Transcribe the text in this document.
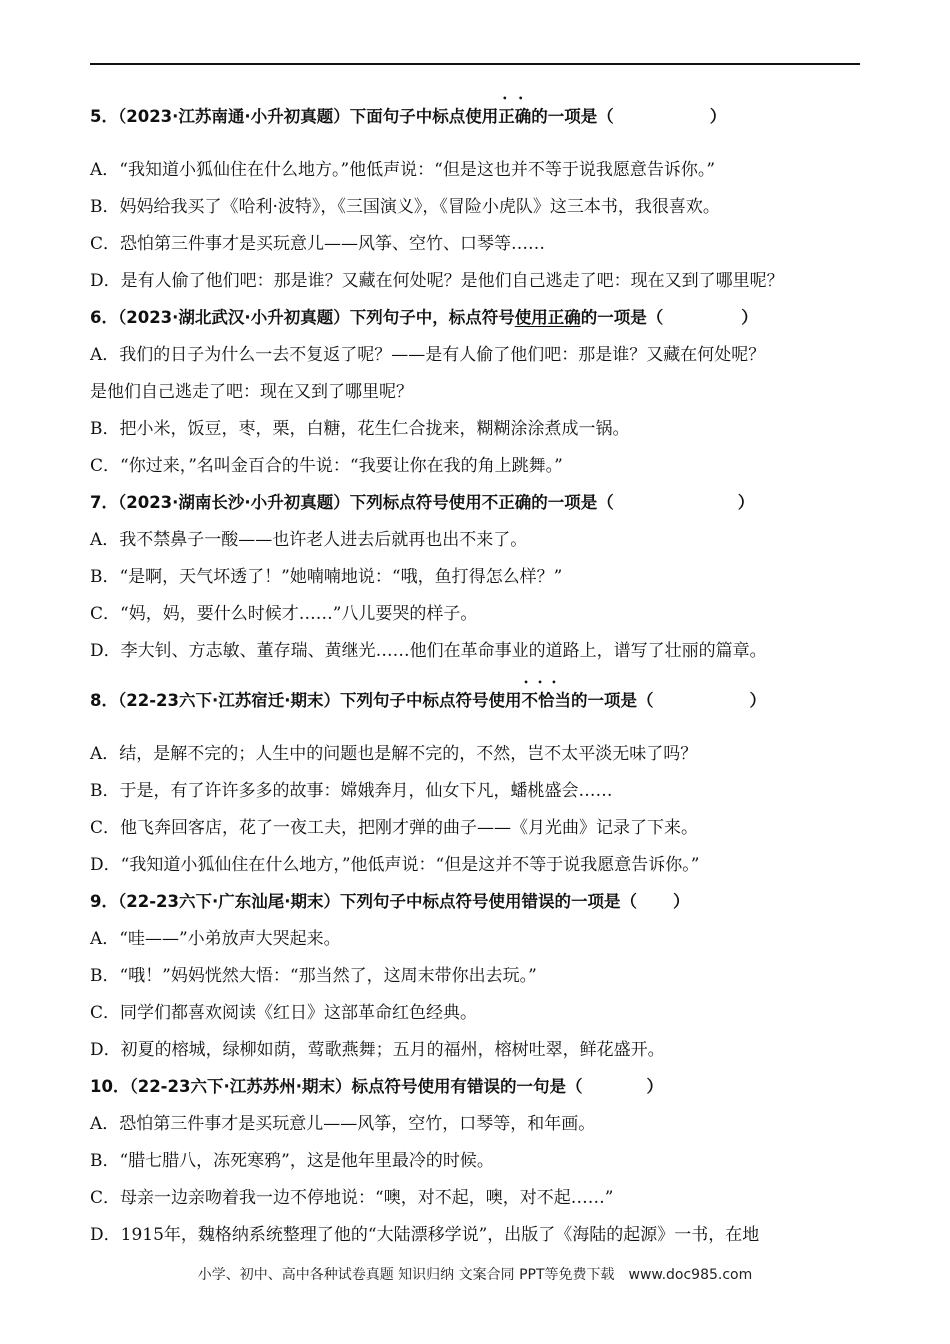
5．（2023·江苏南通·小升初真题）下面句子中标点使用• • 正确的一项是（	）
A．“我知道小狐仙住在什么地方。”他低声说：“但是这也并不等于说我愿意告诉你。”
B．妈妈给我买了《哈利·波特》，《三国演义》，《冒险小虎队》这三本书，我很喜欢。
C．恐怕第三件事才是买玩意儿——风筝、空竹、口琴等……
D．是有人偷了他们吧：那是谁？又藏在何处呢？是他们自己逃走了吧：现在又到了哪里呢？
6．（2023·湖北武汉·小升初真题）下列句子中，标点符号使用正确的一项是（	）
A．我们的日子为什么一去不复返了呢？——是有人偷了他们吧：那是谁？又藏在何处呢？
是他们自己逃走了吧：现在又到了哪里呢？
B．把小米，饭豆，枣，栗，白糖，花生仁合拢来，糊糊涂涂煮成一锅。
C．“你过来，”名叫金百合的牛说：“我要让你在我的角上跳舞。”
7．（2023·湖南长沙·小升初真题）下列标点符号使用不正确的一项是（	）
A．我不禁鼻子一酸——也许老人进去后就再也出不来了。
B．“是啊，天气坏透了！”她喃喃地说：“哦，鱼打得怎么样？”
C．“妈，妈，要什么时候才……”八儿要哭的样子。
D．李大钊、方志敏、董存瑞、黄继光……他们在革命事业的道路上，谱写了壮丽的篇章。
8．（22-23六下·江苏宿迁·期末）下列句子中标点符号使用• • • 不恰当的一项是（	）
A．结，是解不完的；人生中的问题也是解不完的，不然，岂不太平淡无味了吗？
B．于是，有了许许多多的故事：嫦娥奔月，仙女下凡，蟠桃盛会……
C．他飞奔回客店，花了一夜工夫，把刚才弹的曲子——《月光曲》记录了下来。
D．“我知道小狐仙住在什么地方，”他低声说：“但是这并不等于说我愿意告诉你。”
9．（22-23六下·广东汕尾·期末）下列句子中标点符号使用错误的一项是（ ）
A．“哇——”小弟放声大哭起来。
B．“哦！”妈妈恍然大悟：“那当然了，这周末带你出去玩。”
C．同学们都喜欢阅读《红日》这部革命红色经典。
D．初夏的榕城，绿柳如荫，莺歌燕舞；五月的福州，榕树吐翠，鲜花盛开。
10．（22-23六下·江苏苏州·期末）标点符号使用有错误的一句是（	）
A．恐怕第三件事才是买玩意儿——风筝，空竹，口琴等，和年画。
B．“腊七腊八，冻死寒鸦”，这是他年里最冷的时候。
C．母亲一边亲吻着我一边不停地说：“噢，对不起，噢，对不起……”
D．1915年，魏格纳系统整理了他的“大陆漂移学说”，出版了《海陆的起源》一书，在地
小学、初中、高中各种试卷真题 知识归纳 文案合同 PPT等免费下载 www.doc985.com
